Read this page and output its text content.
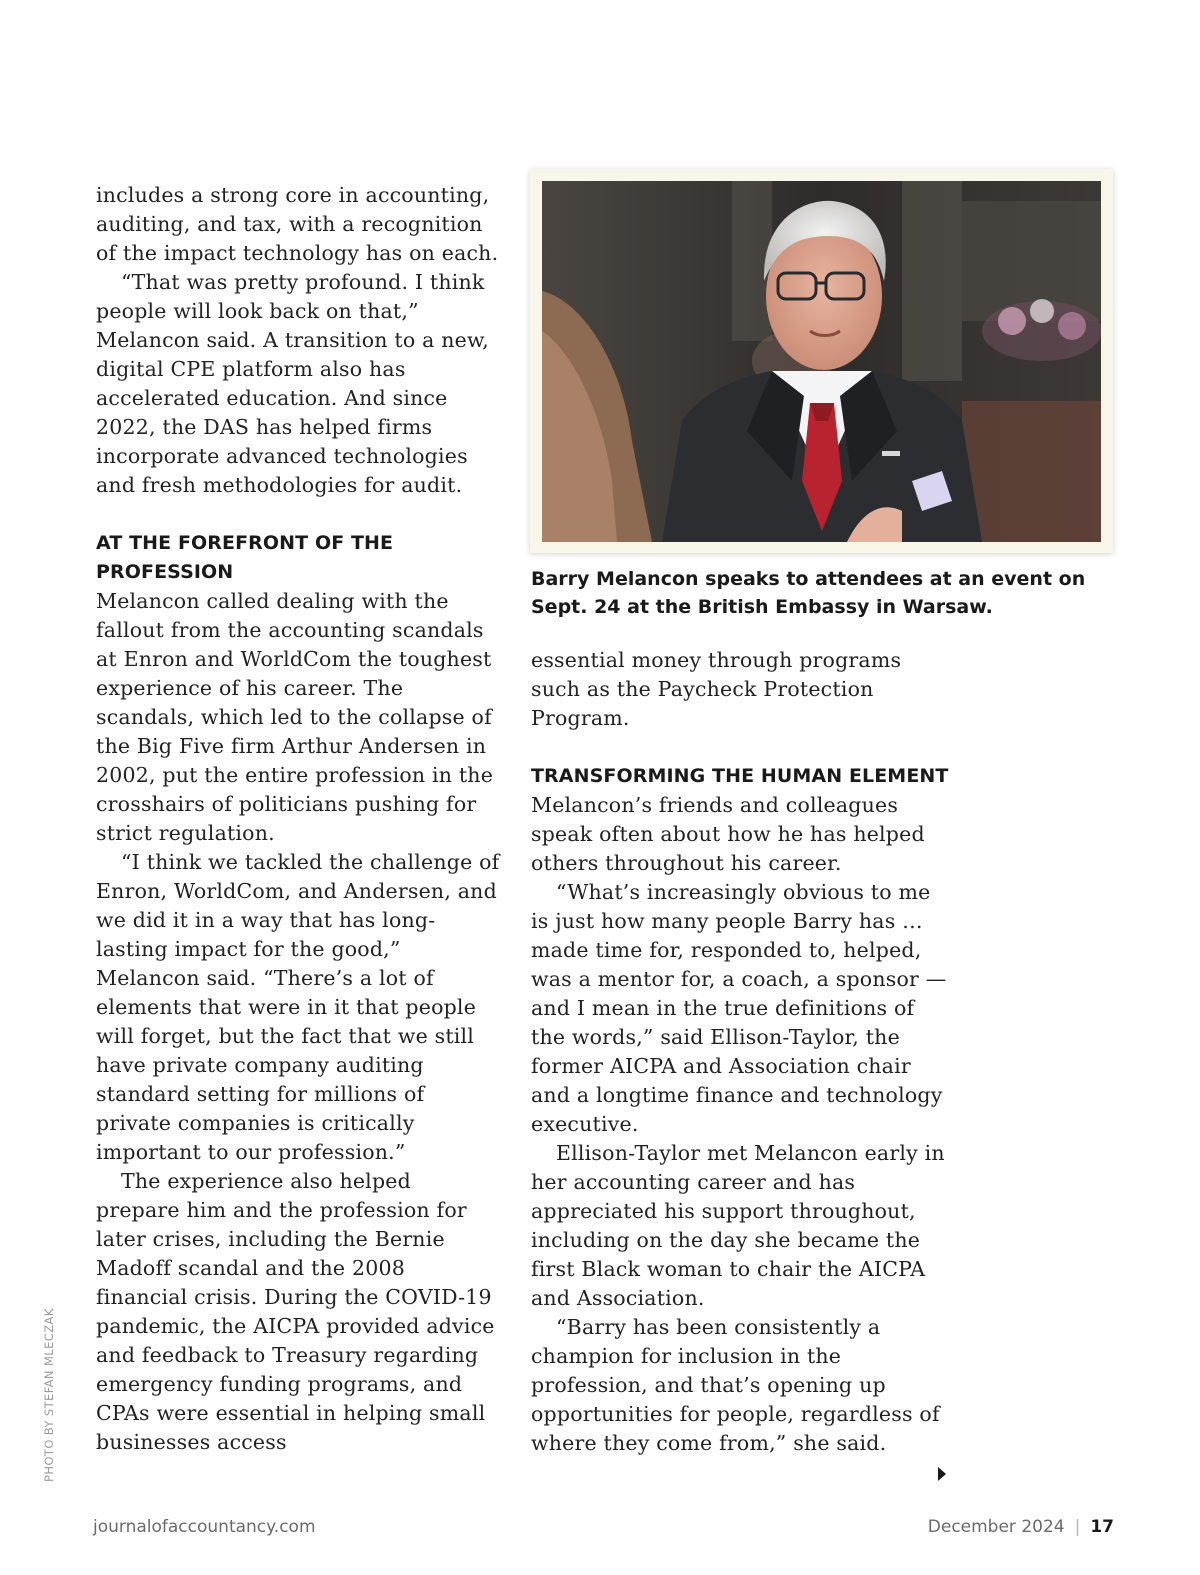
includes a strong core in accounting, auditing, and tax, with a recognition of the impact technology has on each.

“That was pretty profound. I think people will look back on that,” Melancon said. A transition to a new, digital CPE platform also has accelerated education. And since 2022, the DAS has helped firms incorporate advanced technologies and fresh methodologies for audit.

AT THE FOREFRONT OF THE PROFESSION

Melancon called dealing with the fallout from the accounting scandals at Enron and WorldCom the toughest experience of his career. The scandals, which led to the collapse of the Big Five firm Arthur Andersen in 2002, put the entire profession in the crosshairs of politicians pushing for strict regulation.

“I think we tackled the challenge of Enron, WorldCom, and Andersen, and we did it in a way that has long-lasting impact for the good,” Melancon said. “There’s a lot of elements that were in it that people will forget, but the fact that we still have private company auditing standard setting for millions of private companies is critically important to our profession.”

The experience also helped prepare him and the profession for later crises, including the Bernie Madoff scandal and the 2008 financial crisis. During the COVID-19 pandemic, the AICPA provided advice and feedback to Treasury regarding emergency funding programs, and CPAs were essential in helping small businesses access

Barry Melancon speaks to attendees at an event on Sept. 24 at the British Embassy in Warsaw.
PHOTO BY STEFAN MLECZAK

essential money through programs such as the Paycheck Protection Program.

TRANSFORMING THE HUMAN ELEMENT

Melancon’s friends and colleagues speak often about how he has helped others throughout his career.

“What’s increasingly obvious to me is just how many people Barry has … made time for, responded to, helped, was a mentor for, a coach, a sponsor — and I mean in the true definitions of the words,” said Ellison-Taylor, the former AICPA and Association chair and a longtime finance and technology executive.

Ellison-Taylor met Melancon early in her accounting career and has appreciated his support throughout, including on the day she became the first Black woman to chair the AICPA and Association.

“Barry has been consistently a champion for inclusion in the profession, and that’s opening up opportunities for people, regardless of where they come from,” she said.

journalofaccountancy.com	December 2024 | 17
